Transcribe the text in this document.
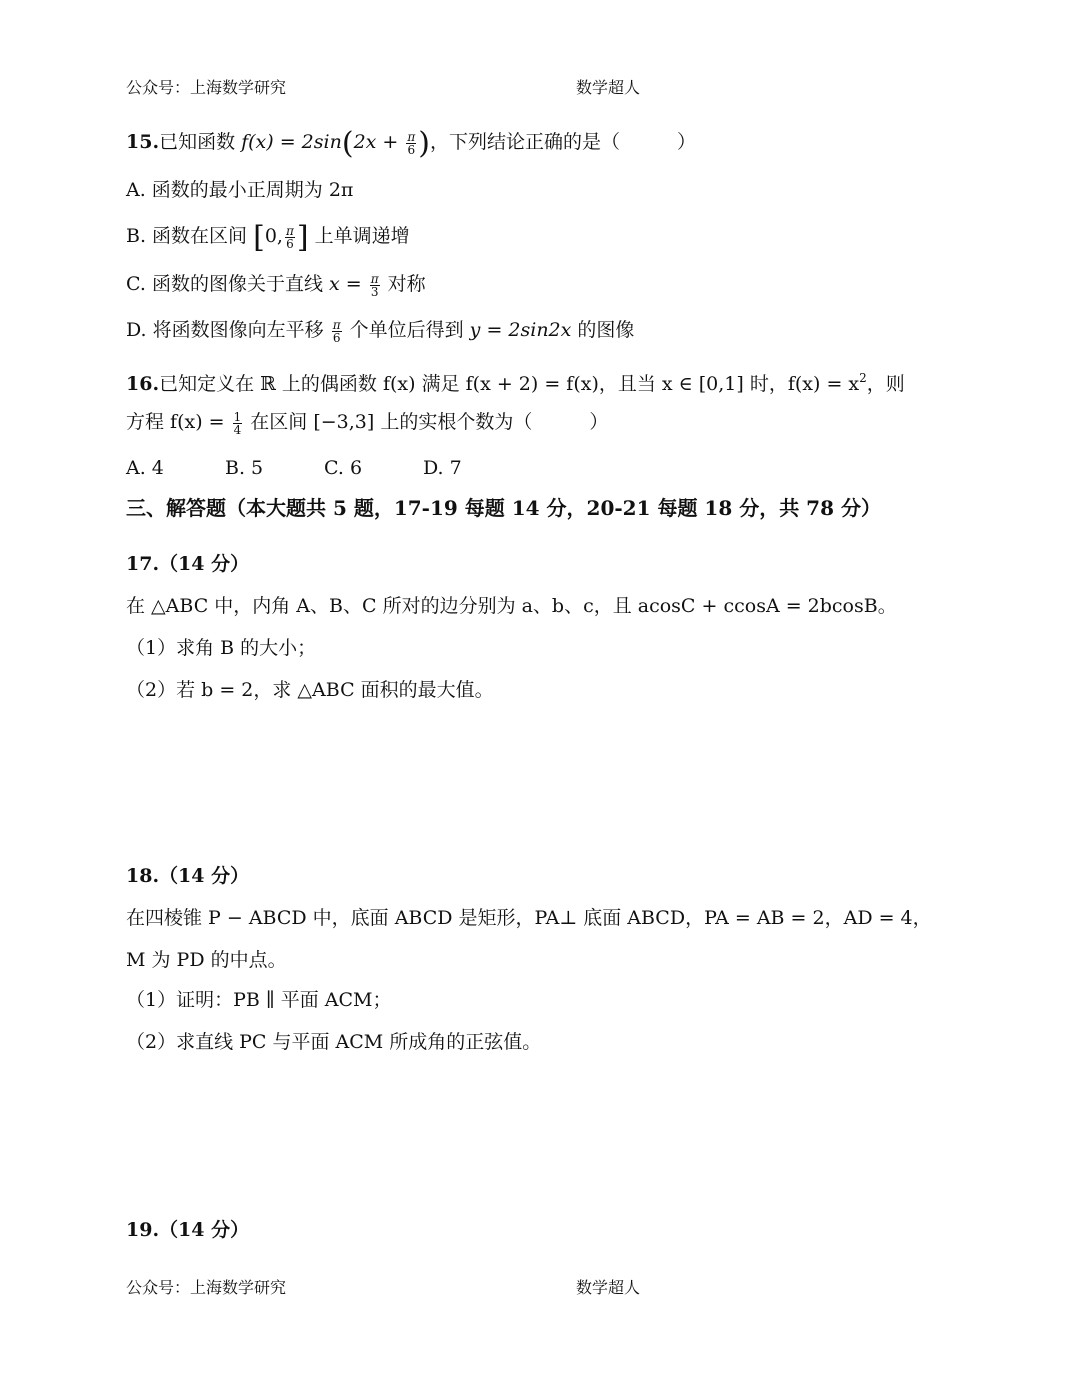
公众号：上海数学研究	数学超人
15.已知函数 $f(x) = 2\sin(2x + \frac{\pi}{6}$ )，下列结论正确的是（　　　）
A. 函数的最小正周期为 2π
B. 函数在区间 [0, $\frac{\pi}{6}$ ] 上单调递增
C. 函数的图像关于直线 $x = \frac{\pi}{3}$ 对称
D. 将函数图像向左平移 $\frac{\pi}{6}$ 个单位后得到 y = 2sin2x 的图像
16.已知定义在 ℝ 上的偶函数 f(x) 满足 f(x + 2) = f(x)，且当 x ∈ [0,1] 时，$f(x) = x^2$，则
方程 $f(x) = \frac{1}{4}$ 在区间 [−3,3] 上的实根个数为（　　　）
A. 4	B. 5	C. 6	D. 7
三、解答题（本大题共 5 题，17-19 每题 14 分，20-21 每题 18 分，共 78 分）
17.（14 分）
在 △ABC 中，内角 A、B、C 所对的边分别为 a、b、c，且 acosC + ccosA = 2bcosB。
（1）求角 B 的大小；
（2）若 b = 2，求 △ABC 面积的最大值。
18.（14 分）
在四棱锥 P − ABCD 中，底面 ABCD 是矩形，PA⊥ 底面 ABCD，PA = AB = 2，AD = 4，
M 为 PD 的中点。
（1）证明：PB ∥ 平面 ACM；
（2）求直线 PC 与平面 ACM 所成角的正弦值。
19.（14 分）
公众号：上海数学研究	数学超人
